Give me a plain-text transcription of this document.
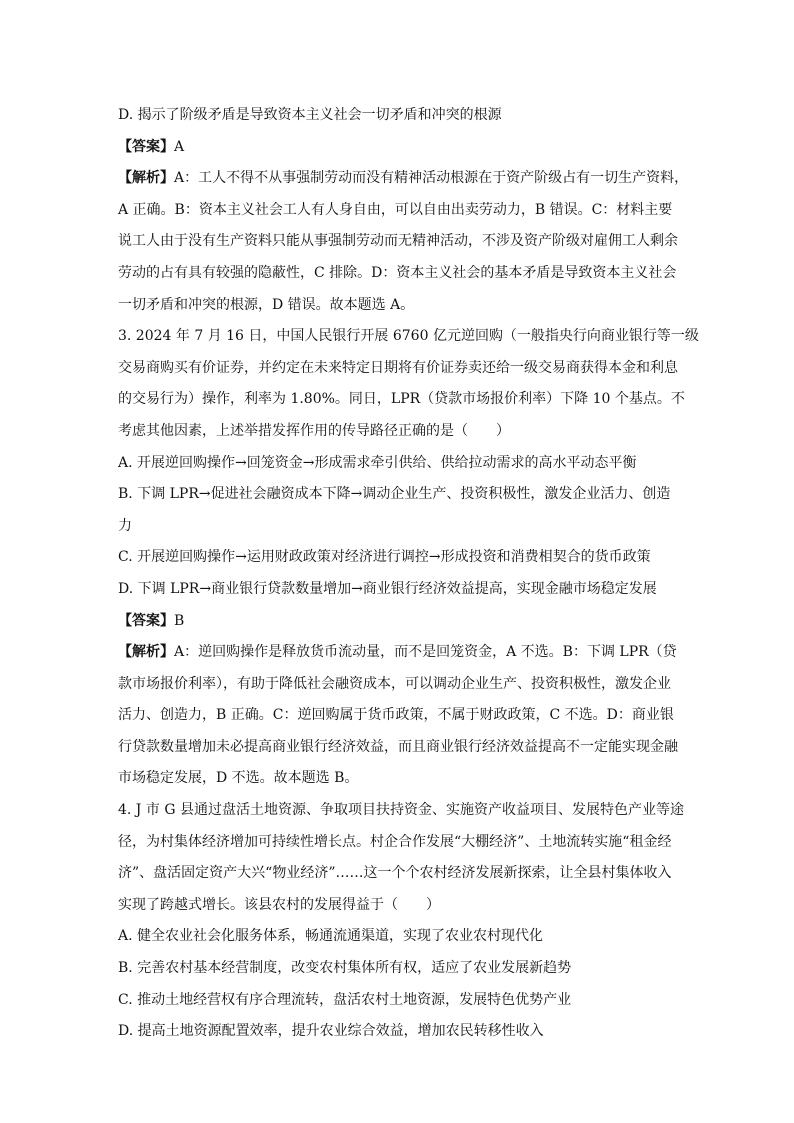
D. 揭示了阶级矛盾是导致资本主义社会一切矛盾和冲突的根源
【答案】A
【解析】A：工人不得不从事强制劳动而没有精神活动根源在于资产阶级占有一切生产资料，
A 正确。B：资本主义社会工人有人身自由，可以自由出卖劳动力，B 错误。C：材料主要
说工人由于没有生产资料只能从事强制劳动而无精神活动，不涉及资产阶级对雇佣工人剩余
劳动的占有具有较强的隐蔽性，C 排除。D：资本主义社会的基本矛盾是导致资本主义社会
一切矛盾和冲突的根源，D 错误。故本题选 A。
3. 2024 年 7 月 16 日，中国人民银行开展 6760 亿元逆回购（一般指央行向商业银行等一级
交易商购买有价证券，并约定在未来特定日期将有价证券卖还给一级交易商获得本金和利息
的交易行为）操作，利率为 1.80%。同日，LPR（贷款市场报价利率）下降 10 个基点。不
考虑其他因素，上述举措发挥作用的传导路径正确的是（　　）
A. 开展逆回购操作→回笼资金→形成需求牵引供给、供给拉动需求的高水平动态平衡
B. 下调 LPR→促进社会融资成本下降→调动企业生产、投资积极性，激发企业活力、创造
力
C. 开展逆回购操作→运用财政政策对经济进行调控→形成投资和消费相契合的货币政策
D. 下调 LPR→商业银行贷款数量增加→商业银行经济效益提高，实现金融市场稳定发展
【答案】B
【解析】A：逆回购操作是释放货币流动量，而不是回笼资金，A 不选。B：下调 LPR（贷
款市场报价利率），有助于降低社会融资成本，可以调动企业生产、投资积极性，激发企业
活力、创造力，B 正确。C：逆回购属于货币政策，不属于财政政策，C 不选。D：商业银
行贷款数量增加未必提高商业银行经济效益，而且商业银行经济效益提高不一定能实现金融
市场稳定发展，D 不选。故本题选 B。
4. J 市 G 县通过盘活土地资源、争取项目扶持资金、实施资产收益项目、发展特色产业等途
径，为村集体经济增加可持续性增长点。村企合作发展“大棚经济”、土地流转实施“租金经
济”、盘活固定资产大兴“物业经济”……这一个个农村经济发展新探索，让全县村集体收入
实现了跨越式增长。该县农村的发展得益于（　　）
A. 健全农业社会化服务体系，畅通流通渠道，实现了农业农村现代化
B. 完善农村基本经营制度，改变农村集体所有权，适应了农业发展新趋势
C. 推动土地经营权有序合理流转，盘活农村土地资源，发展特色优势产业
D. 提高土地资源配置效率，提升农业综合效益，增加农民转移性收入
